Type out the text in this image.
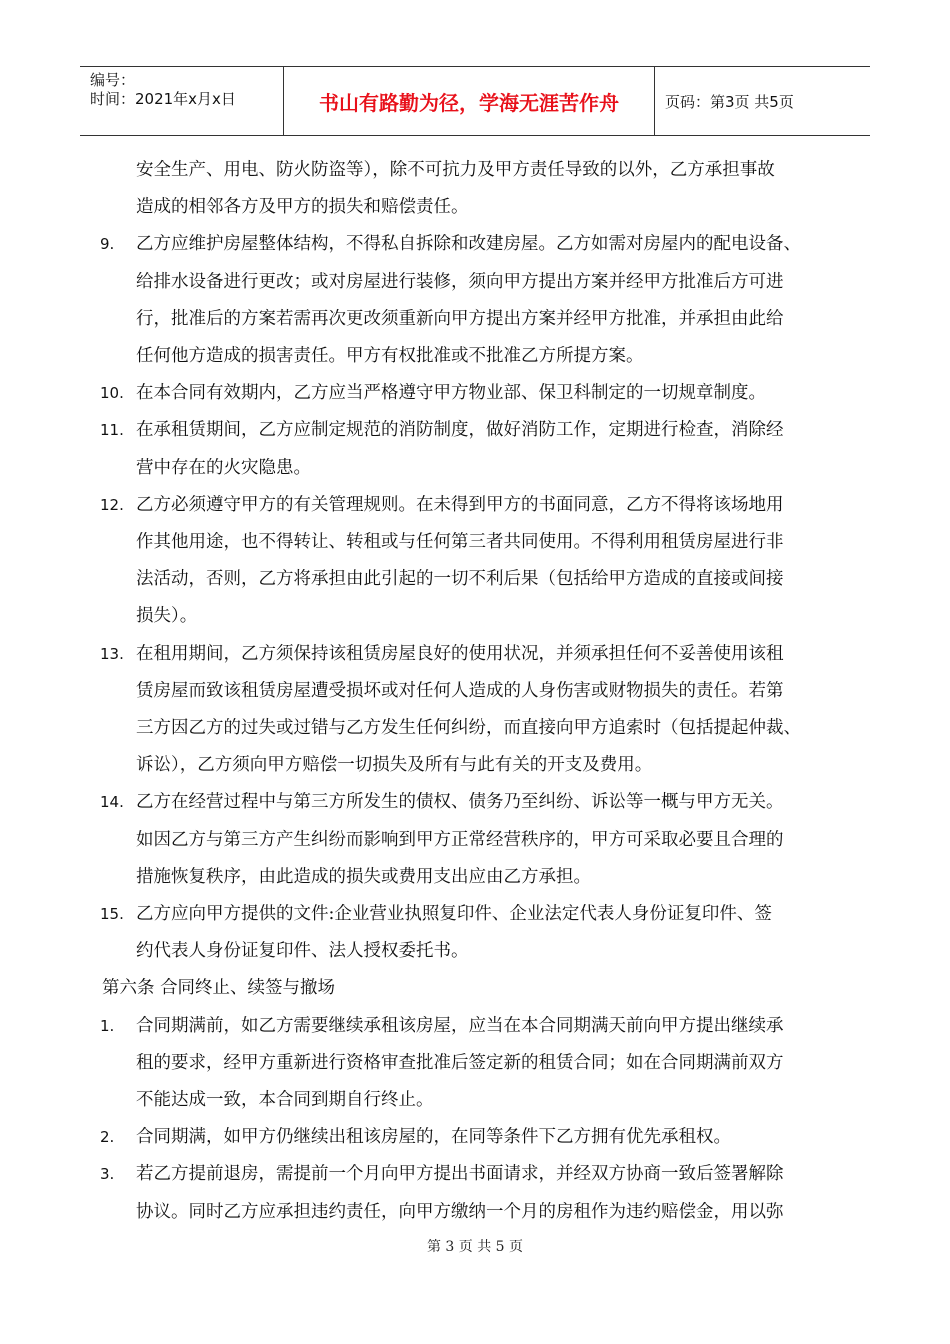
编号：
时间：2021年x月x日	书山有路勤为径，学海无涯苦作舟	页码：第3页 共5页
安全生产、用电、防火防盗等），除不可抗力及甲方责任导致的以外，乙方承担事故
造成的相邻各方及甲方的损失和赔偿责任。
9. 乙方应维护房屋整体结构，不得私自拆除和改建房屋。乙方如需对房屋内的配电设备、
给排水设备进行更改；或对房屋进行装修，须向甲方提出方案并经甲方批准后方可进
行，批准后的方案若需再次更改须重新向甲方提出方案并经甲方批准，并承担由此给
任何他方造成的损害责任。甲方有权批准或不批准乙方所提方案。
10. 在本合同有效期内，乙方应当严格遵守甲方物业部、保卫科制定的一切规章制度。
11. 在承租赁期间，乙方应制定规范的消防制度，做好消防工作，定期进行检查，消除经
营中存在的火灾隐患。
12. 乙方必须遵守甲方的有关管理规则。在未得到甲方的书面同意，乙方不得将该场地用
作其他用途，也不得转让、转租或与任何第三者共同使用。不得利用租赁房屋进行非
法活动，否则，乙方将承担由此引起的一切不利后果（包括给甲方造成的直接或间接
损失）。
13. 在租用期间，乙方须保持该租赁房屋良好的使用状况，并须承担任何不妥善使用该租
赁房屋而致该租赁房屋遭受损坏或对任何人造成的人身伤害或财物损失的责任。若第
三方因乙方的过失或过错与乙方发生任何纠纷，而直接向甲方追索时（包括提起仲裁、
诉讼），乙方须向甲方赔偿一切损失及所有与此有关的开支及费用。
14. 乙方在经营过程中与第三方所发生的债权、债务乃至纠纷、诉讼等一概与甲方无关。
如因乙方与第三方产生纠纷而影响到甲方正常经营秩序的，甲方可采取必要且合理的
措施恢复秩序，由此造成的损失或费用支出应由乙方承担。
15. 乙方应向甲方提供的文件:企业营业执照复印件、企业法定代表人身份证复印件、签
约代表人身份证复印件、法人授权委托书。
第六条 合同终止、续签与撤场
1. 合同期满前，如乙方需要继续承租该房屋，应当在本合同期满天前向甲方提出继续承
租的要求，经甲方重新进行资格审查批准后签定新的租赁合同；如在合同期满前双方
不能达成一致，本合同到期自行终止。
2. 合同期满，如甲方仍继续出租该房屋的，在同等条件下乙方拥有优先承租权。
3. 若乙方提前退房，需提前一个月向甲方提出书面请求，并经双方协商一致后签署解除
协议。同时乙方应承担违约责任，向甲方缴纳一个月的房租作为违约赔偿金，用以弥
第 3 页 共 5 页
